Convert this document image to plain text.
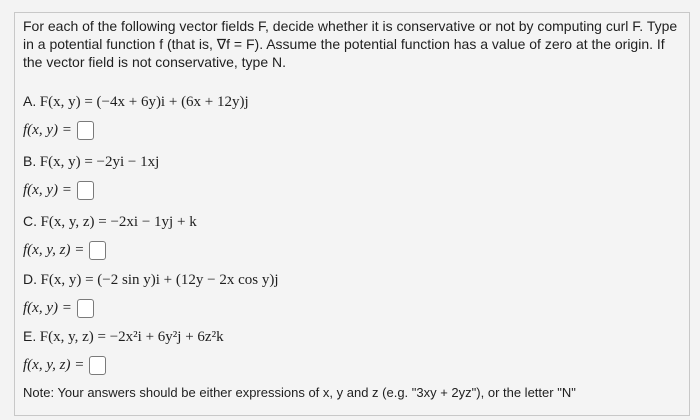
For each of the following vector fields F, decide whether it is conservative or not by computing curl F. Type
in a potential function f (that is, ∇f = F). Assume the potential function has a value of zero at the origin. If
the vector field is not conservative, type N.
A. F(x, y) = (−4x + 6y)i + (6x + 12y)j
f(x, y) =
B. F(x, y) = −2yi − 1xj
f(x, y) =
C. F(x, y, z) = −2xi − 1yj + k
f(x, y, z) =
D. F(x, y) = (−2 sin y)i + (12y − 2x cos y)j
f(x, y) =
E. F(x, y, z) = −2x²i + 6y²j + 6z²k
f(x, y, z) =
Note: Your answers should be either expressions of x, y and z (e.g. "3xy + 2yz"), or the letter "N"
